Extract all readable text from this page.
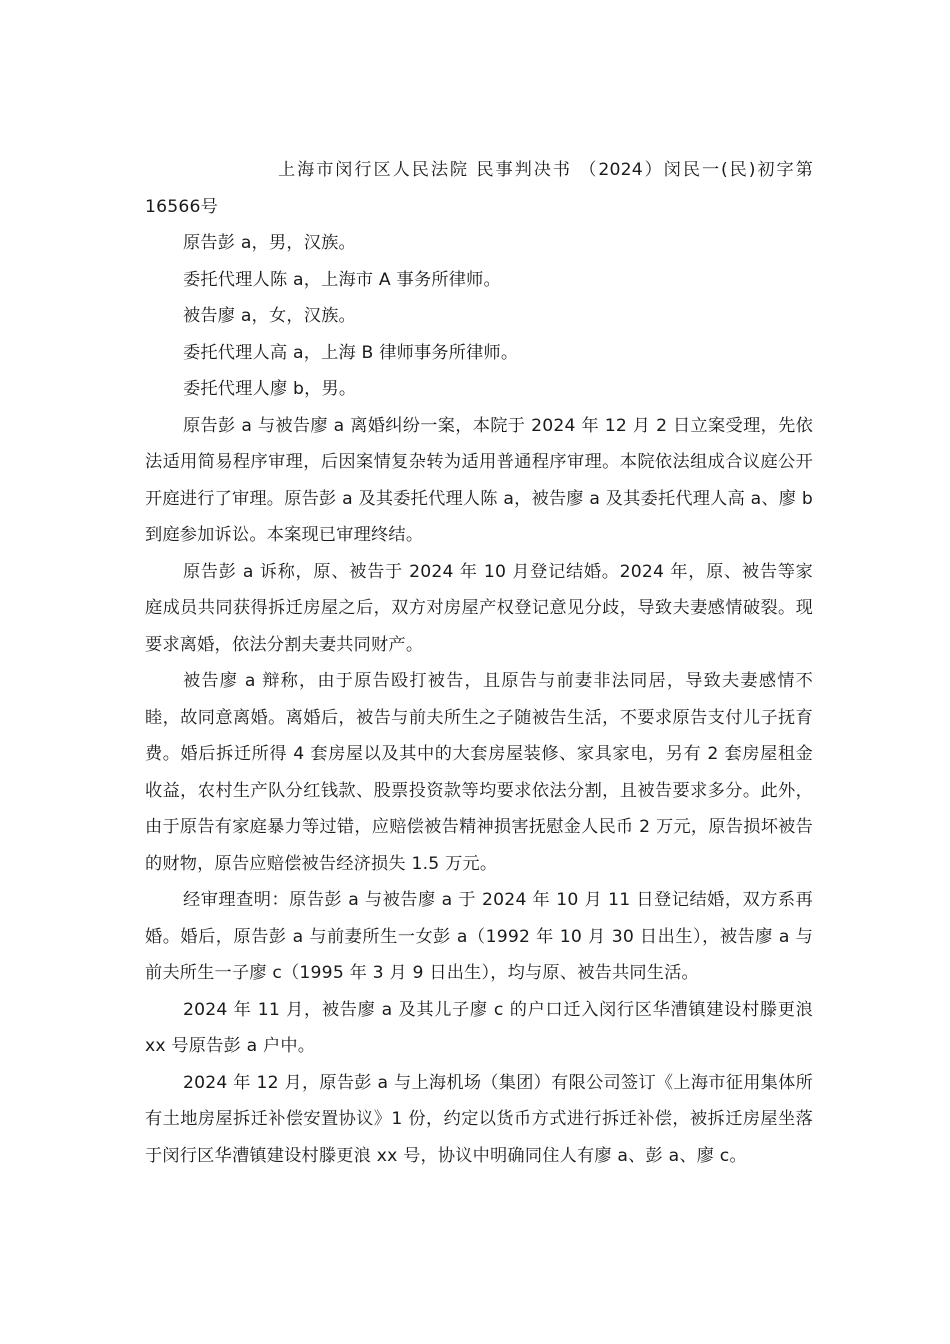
上海市闵行区人民法院 民事判决书 （2024）闵民一(民)初字第16566号

原告彭 a，男，汉族。

委托代理人陈 a，上海市 A 事务所律师。

被告廖 a，女，汉族。

委托代理人高 a，上海 B 律师事务所律师。

委托代理人廖 b，男。

原告彭 a 与被告廖 a 离婚纠纷一案，本院于 2024 年 12 月 2 日立案受理，先依法适用简易程序审理，后因案情复杂转为适用普通程序审理。本院依法组成合议庭公开开庭进行了审理。原告彭 a 及其委托代理人陈 a，被告廖 a 及其委托代理人高 a、廖 b 到庭参加诉讼。本案现已审理终结。

原告彭 a 诉称，原、被告于 2024 年 10 月登记结婚。2024 年，原、被告等家庭成员共同获得拆迁房屋之后，双方对房屋产权登记意见分歧，导致夫妻感情破裂。现要求离婚，依法分割夫妻共同财产。

被告廖 a 辩称，由于原告殴打被告，且原告与前妻非法同居，导致夫妻感情不睦，故同意离婚。离婚后，被告与前夫所生之子随被告生活，不要求原告支付儿子抚育费。婚后拆迁所得 4 套房屋以及其中的大套房屋装修、家具家电，另有 2 套房屋租金收益，农村生产队分红钱款、股票投资款等均要求依法分割，且被告要求多分。此外，由于原告有家庭暴力等过错，应赔偿被告精神损害抚慰金人民币 2 万元，原告损坏被告的财物，原告应赔偿被告经济损失 1.5 万元。

经审理查明：原告彭 a 与被告廖 a 于 2024 年 10 月 11 日登记结婚，双方系再婚。婚后，原告彭 a 与前妻所生一女彭 a（1992 年 10 月 30 日出生），被告廖 a 与前夫所生一子廖 c（1995 年 3 月 9 日出生），均与原、被告共同生活。

2024 年 11 月，被告廖 a 及其儿子廖 c 的户口迁入闵行区华漕镇建设村滕更浪 xx 号原告彭 a 户中。

2024 年 12 月，原告彭 a 与上海机场（集团）有限公司签订《上海市征用集体所有土地房屋拆迁补偿安置协议》1 份，约定以货币方式进行拆迁补偿，被拆迁房屋坐落于闵行区华漕镇建设村滕更浪 xx 号，协议中明确同住人有廖 a、彭 a、廖 c。
